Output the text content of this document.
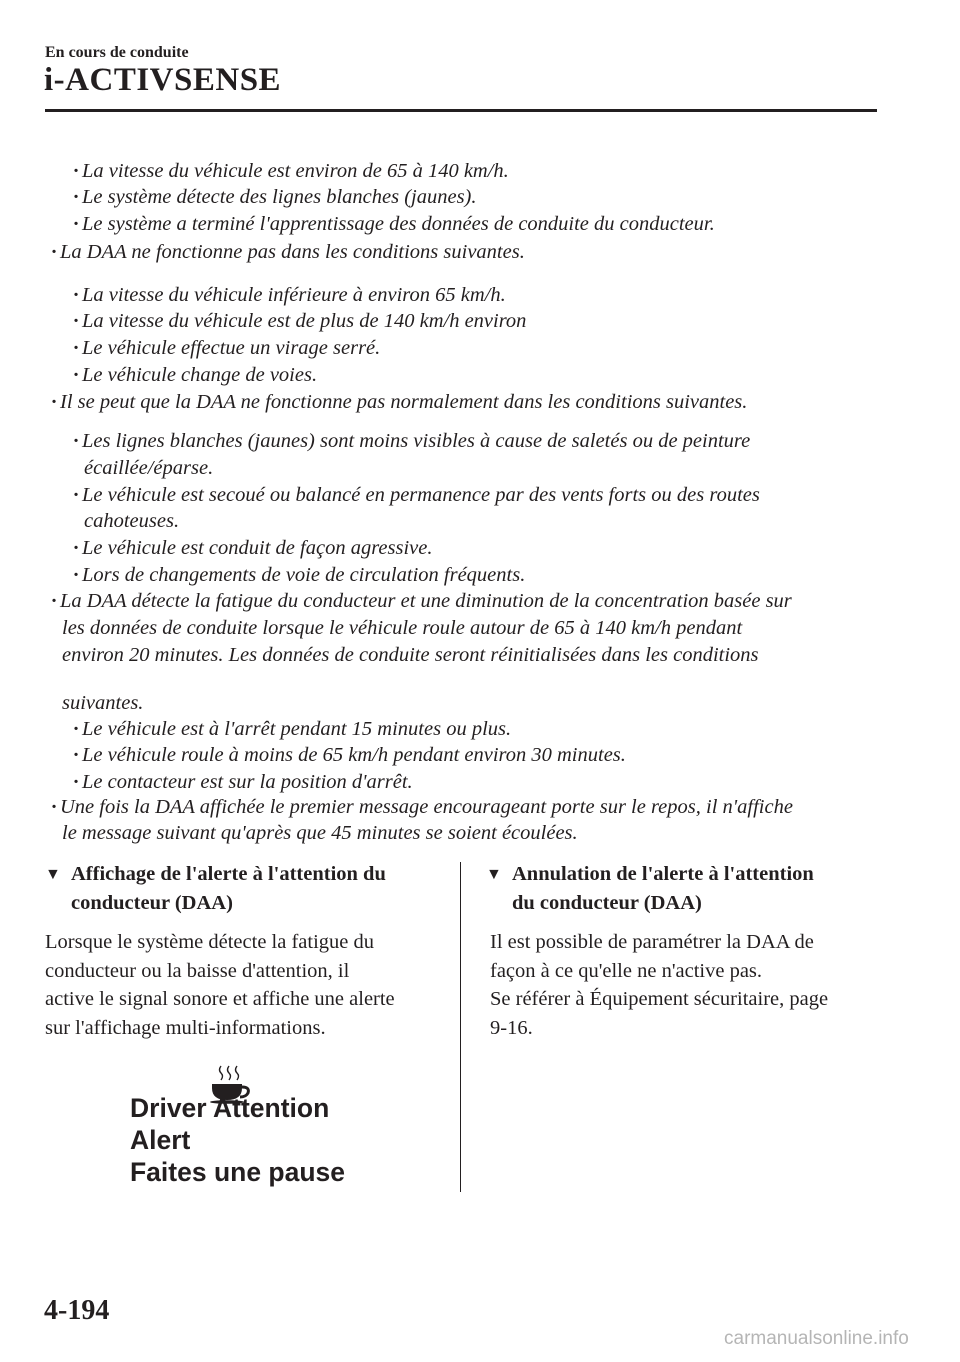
En cours de conduite
i-ACTIVSENSE
· La vitesse du véhicule est environ de 65 à 140 km/h.
· Le système détecte des lignes blanches (jaunes).
· Le système a terminé l'apprentissage des données de conduite du conducteur.
· La DAA ne fonctionne pas dans les conditions suivantes.
· La vitesse du véhicule inférieure à environ 65 km/h.
· La vitesse du véhicule est de plus de 140 km/h environ
· Le véhicule effectue un virage serré.
· Le véhicule change de voies.
· Il se peut que la DAA ne fonctionne pas normalement dans les conditions suivantes.
· Les lignes blanches (jaunes) sont moins visibles à cause de saletés ou de peinture
écaillée/éparse.
· Le véhicule est secoué ou balancé en permanence par des vents forts ou des routes
cahoteuses.
· Le véhicule est conduit de façon agressive.
· Lors de changements de voie de circulation fréquents.
· La DAA détecte la fatigue du conducteur et une diminution de la concentration basée sur
les données de conduite lorsque le véhicule roule autour de 65 à 140 km/h pendant
environ 20 minutes. Les données de conduite seront réinitialisées dans les conditions
suivantes.
· Le véhicule est à l'arrêt pendant 15 minutes ou plus.
· Le véhicule roule à moins de 65 km/h pendant environ 30 minutes.
· Le contacteur est sur la position d'arrêt.
· Une fois la DAA affichée le premier message encourageant porte sur le repos, il n'affiche
le message suivant qu'après que 45 minutes se soient écoulées.
▼ Affichage de l'alerte à l'attention du
conducteur (DAA)
Lorsque le système détecte la fatigue du
conducteur ou la baisse d'attention, il
active le signal sonore et affiche une alerte
sur l'affichage multi-informations.
Driver Attention
Alert
Faites une pause
▼ Annulation de l'alerte à l'attention
du conducteur (DAA)
Il est possible de paramétrer la DAA de
façon à ce qu'elle ne n'active pas.
Se référer à Équipement sécuritaire, page
9-16.
4-194
carmanualsonline.info
